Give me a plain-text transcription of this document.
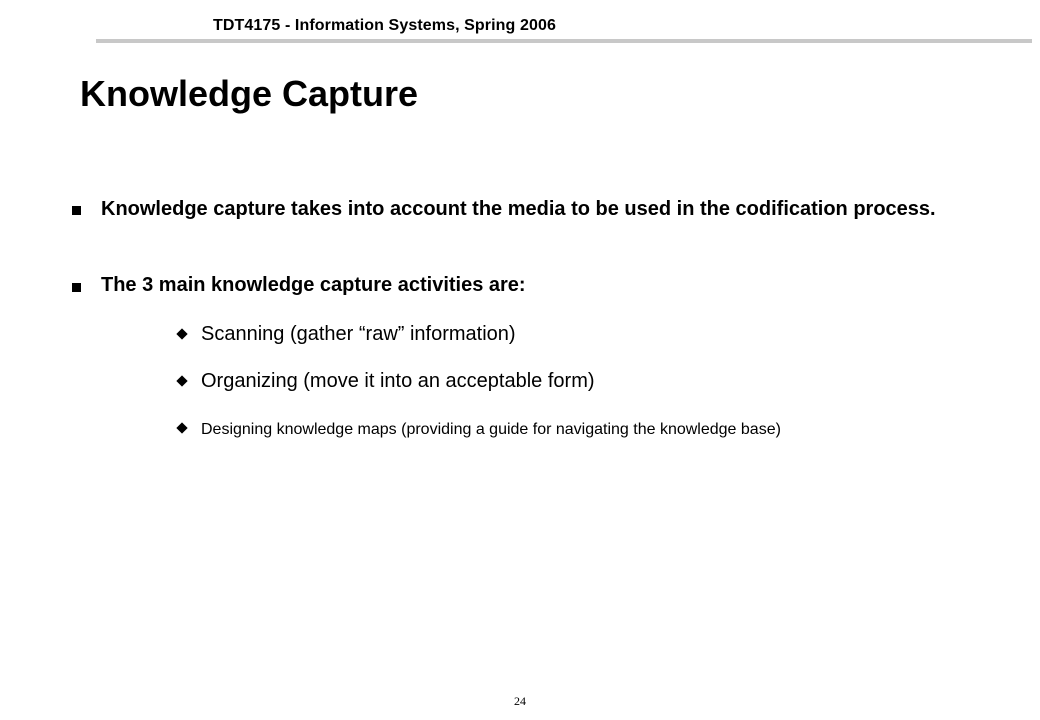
TDT4175 - Information Systems, Spring 2006
Knowledge Capture
Knowledge capture takes into account the media to be used in the codification process.
The 3 main knowledge capture activities are:
Scanning (gather “raw” information)
Organizing (move it into an acceptable form)
Designing knowledge maps (providing a guide for navigating the knowledge base)
24
